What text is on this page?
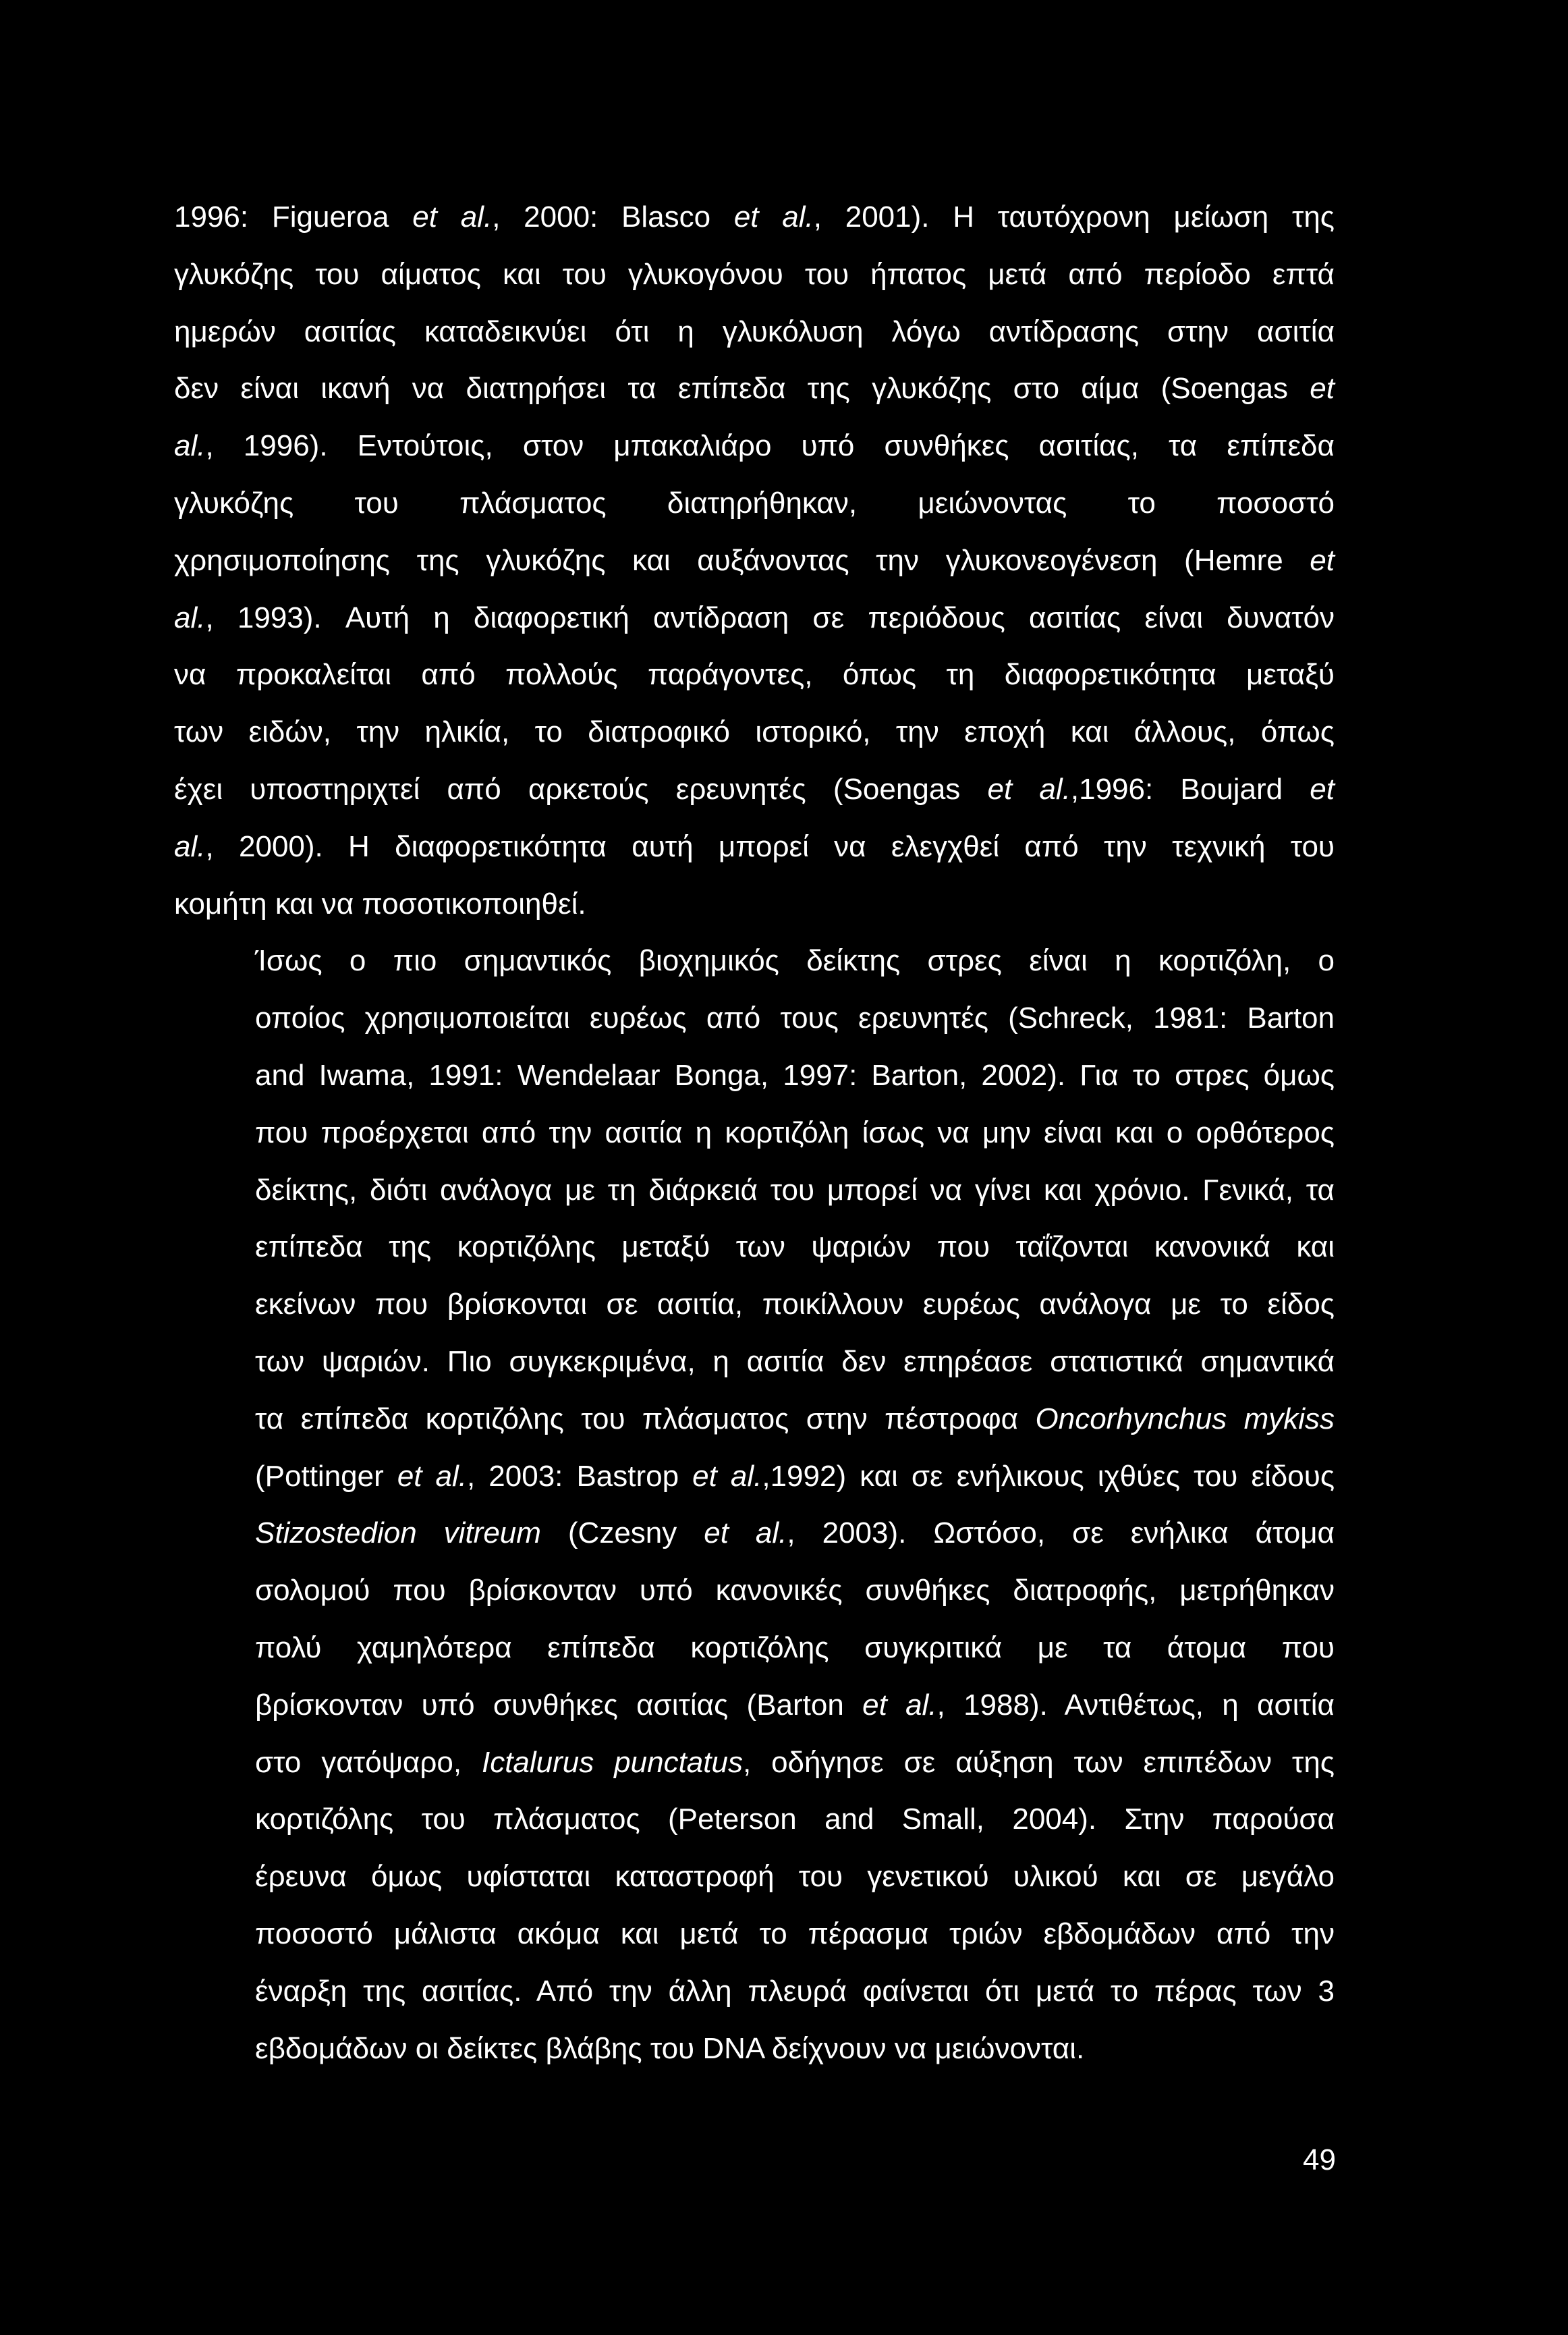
1996: Figueroa et al., 2000: Blasco et al., 2001). Η ταυτόχρονη μείωση της
γλυκόζης του αίματος και του γλυκογόνου του ήπατος μετά από περίοδο επτά
ημερών ασιτίας καταδεικνύει ότι η γλυκόλυση λόγω αντίδρασης στην ασιτία
δεν είναι ικανή να διατηρήσει τα επίπεδα της γλυκόζης στο αίμα (Soengas et
al., 1996). Εντούτοις, στον μπακαλιάρο υπό συνθήκες ασιτίας, τα επίπεδα
γλυκόζης του πλάσματος διατηρήθηκαν, μειώνοντας το ποσοστό
χρησιμοποίησης της γλυκόζης και αυξάνοντας την γλυκονεογένεση (Hemre et
al., 1993). Αυτή η διαφορετική αντίδραση σε περιόδους ασιτίας είναι δυνατόν
να προκαλείται από πολλούς παράγοντες, όπως τη διαφορετικότητα μεταξύ
των ειδών, την ηλικία, το διατροφικό ιστορικό, την εποχή και άλλους, όπως
έχει υποστηριχτεί από αρκετούς ερευνητές (Soengas et al.,1996: Boujard et
al., 2000). Η διαφορετικότητα αυτή μπορεί να ελεγχθεί από την τεχνική του
κομήτη και να ποσοτικοποιηθεί.

Ίσως ο πιο σημαντικός βιοχημικός δείκτης στρες είναι η κορτιζόλη, ο
οποίος χρησιμοποιείται ευρέως από τους ερευνητές (Schreck, 1981: Barton
and Iwama, 1991: Wendelaar Bonga, 1997: Barton, 2002). Για το στρες όμως
που προέρχεται από την ασιτία η κορτιζόλη ίσως να μην είναι και ο ορθότερος
δείκτης, διότι ανάλογα με τη διάρκειά του μπορεί να γίνει και χρόνιο. Γενικά, τα
επίπεδα της κορτιζόλης μεταξύ των ψαριών που ταΐζονται κανονικά και
εκείνων που βρίσκονται σε ασιτία, ποικίλλουν ευρέως ανάλογα με το είδος
των ψαριών. Πιο συγκεκριμένα, η ασιτία δεν επηρέασε στατιστικά σημαντικά
τα επίπεδα κορτιζόλης του πλάσματος στην πέστροφα Oncorhynchus mykiss
(Pottinger et al., 2003: Bastrop et al.,1992) και σε ενήλικους ιχθύες του είδους
Stizostedion vitreum (Czesny et al., 2003). Ωστόσο, σε ενήλικα άτομα
σολομού που βρίσκονταν υπό κανονικές συνθήκες διατροφής, μετρήθηκαν
πολύ χαμηλότερα επίπεδα κορτιζόλης συγκριτικά με τα άτομα που
βρίσκονταν υπό συνθήκες ασιτίας (Barton et al., 1988). Αντιθέτως, η ασιτία
στο γατόψαρο, Ictalurus punctatus, οδήγησε σε αύξηση των επιπέδων της
κορτιζόλης του πλάσματος (Peterson and Small, 2004). Στην παρούσα
έρευνα όμως υφίσταται καταστροφή του γενετικού υλικού και σε μεγάλο
ποσοστό μάλιστα ακόμα και μετά το πέρασμα τριών εβδομάδων από την
έναρξη της ασιτίας. Από την άλλη πλευρά φαίνεται ότι μετά το πέρας των 3
εβδομάδων οι δείκτες βλάβης του DNA δείχνουν να μειώνονται.

49
